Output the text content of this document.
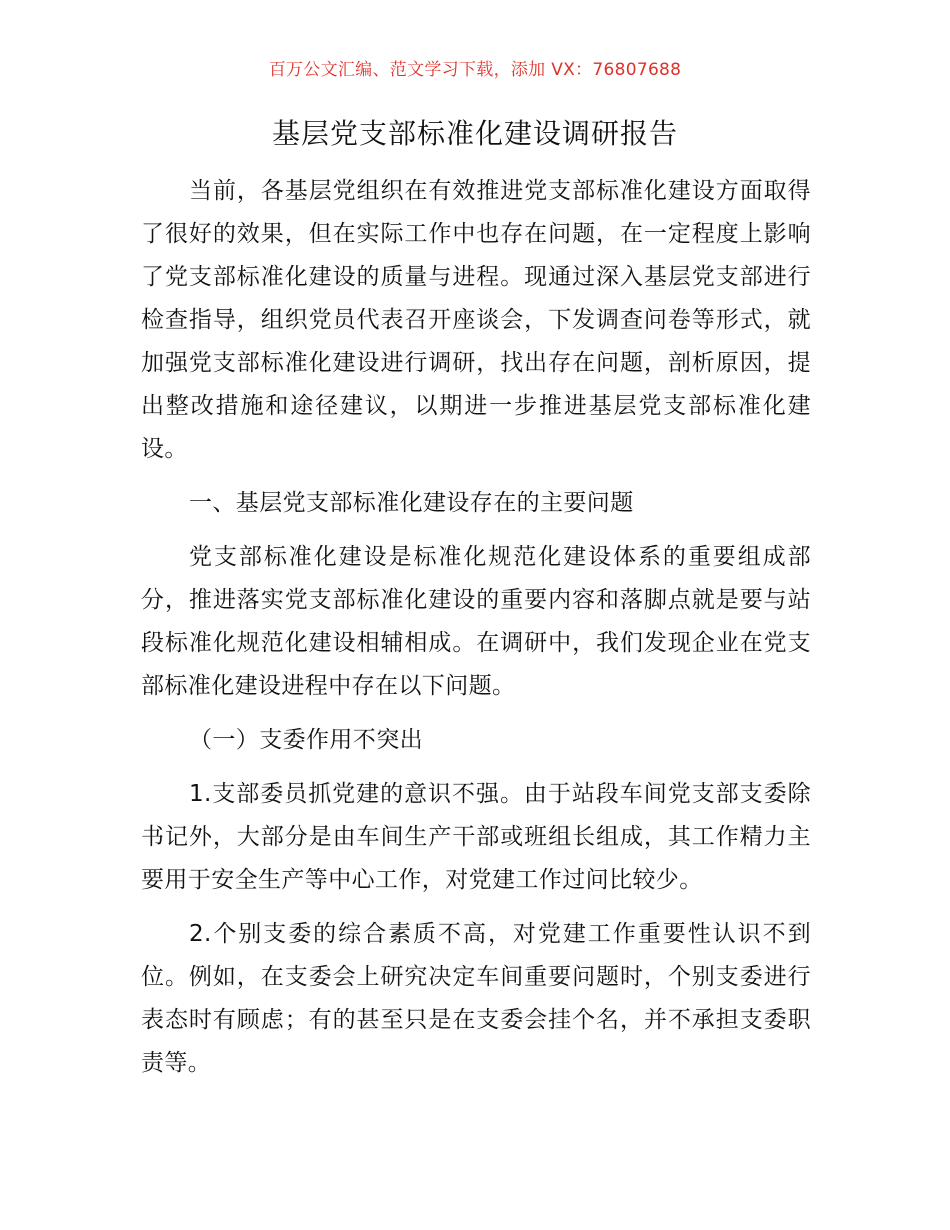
百万公文汇编、范文学习下载，添加 VX：76807688
基层党支部标准化建设调研报告

当前，各基层党组织在有效推进党支部标准化建设方面取得了很好的效果，但在实际工作中也存在问题，在一定程度上影响了党支部标准化建设的质量与进程。现通过深入基层党支部进行检查指导，组织党员代表召开座谈会，下发调查问卷等形式，就加强党支部标准化建设进行调研，找出存在问题，剖析原因，提出整改措施和途径建议，以期进一步推进基层党支部标准化建设。

一、基层党支部标准化建设存在的主要问题

党支部标准化建设是标准化规范化建设体系的重要组成部分，推进落实党支部标准化建设的重要内容和落脚点就是要与站段标准化规范化建设相辅相成。在调研中，我们发现企业在党支部标准化建设进程中存在以下问题。

（一）支委作用不突出

1.支部委员抓党建的意识不强。由于站段车间党支部支委除书记外，大部分是由车间生产干部或班组长组成，其工作精力主要用于安全生产等中心工作，对党建工作过问比较少。

2.个别支委的综合素质不高，对党建工作重要性认识不到位。例如，在支委会上研究决定车间重要问题时，个别支委进行表态时有顾虑；有的甚至只是在支委会挂个名，并不承担支委职责等。
